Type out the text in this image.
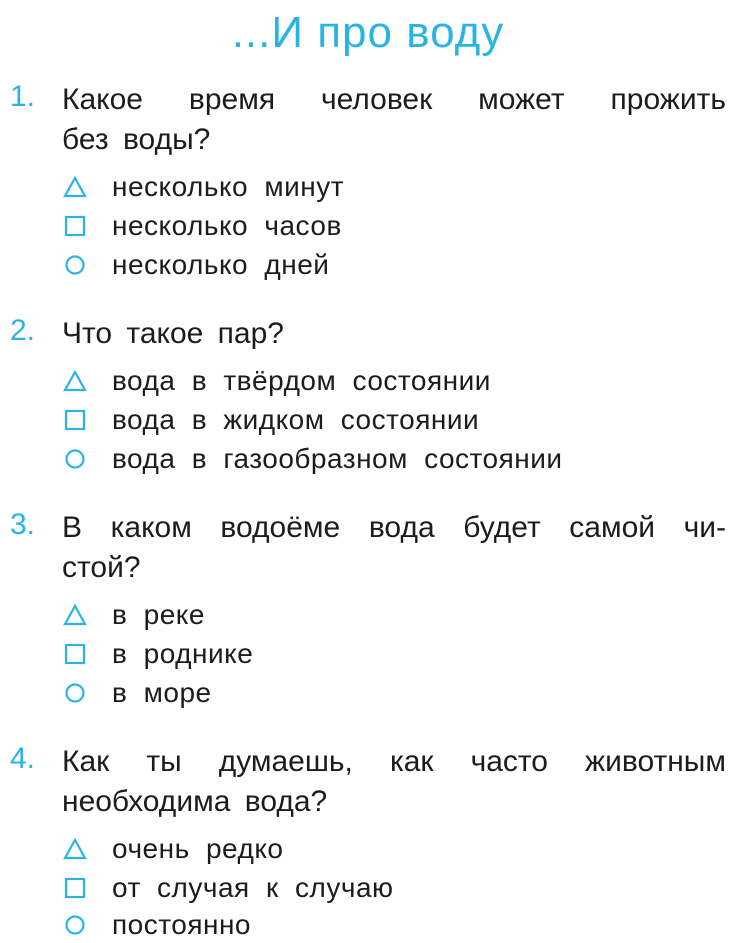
...И про воду
1. Какое время человек может прожить
без воды?
несколько минут
несколько часов
несколько дней
2. Что такое пар?
вода в твёрдом состоянии
вода в жидком состоянии
вода в газообразном состоянии
3. В каком водоёме вода будет самой чи-
стой?
в реке
в роднике
в море
4. Как ты думаешь, как часто животным
необходима вода?
очень редко
от случая к случаю
постоянно
